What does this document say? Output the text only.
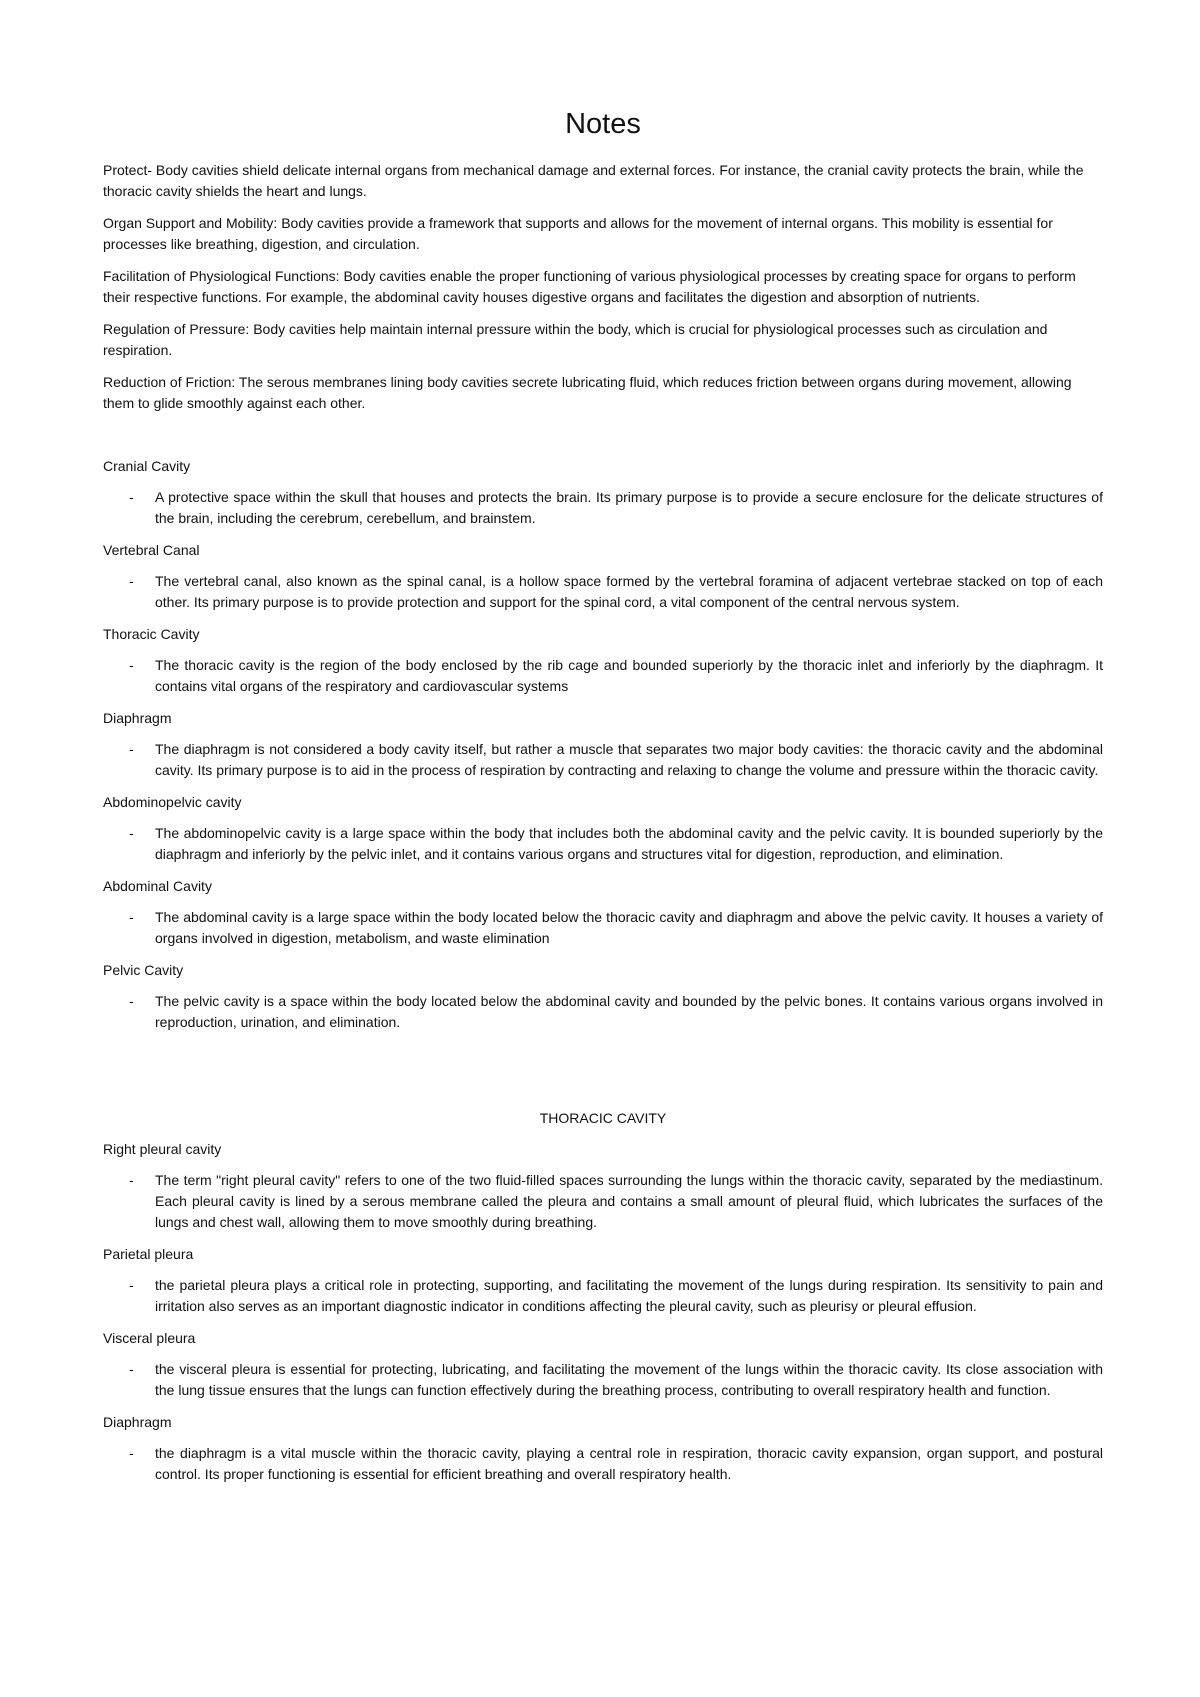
Notes

Protect- Body cavities shield delicate internal organs from mechanical damage and external forces. For instance, the cranial cavity protects the brain, while the thoracic cavity shields the heart and lungs.

Organ Support and Mobility: Body cavities provide a framework that supports and allows for the movement of internal organs. This mobility is essential for processes like breathing, digestion, and circulation.

Facilitation of Physiological Functions: Body cavities enable the proper functioning of various physiological processes by creating space for organs to perform their respective functions. For example, the abdominal cavity houses digestive organs and facilitates the digestion and absorption of nutrients.

Regulation of Pressure: Body cavities help maintain internal pressure within the body, which is crucial for physiological processes such as circulation and respiration.

Reduction of Friction: The serous membranes lining body cavities secrete lubricating fluid, which reduces friction between organs during movement, allowing them to glide smoothly against each other.

Cranial Cavity
- A protective space within the skull that houses and protects the brain. Its primary purpose is to provide a secure enclosure for the delicate structures of the brain, including the cerebrum, cerebellum, and brainstem.
Vertebral Canal
- The vertebral canal, also known as the spinal canal, is a hollow space formed by the vertebral foramina of adjacent vertebrae stacked on top of each other. Its primary purpose is to provide protection and support for the spinal cord, a vital component of the central nervous system.
Thoracic Cavity
- The thoracic cavity is the region of the body enclosed by the rib cage and bounded superiorly by the thoracic inlet and inferiorly by the diaphragm. It contains vital organs of the respiratory and cardiovascular systems
Diaphragm
- The diaphragm is not considered a body cavity itself, but rather a muscle that separates two major body cavities: the thoracic cavity and the abdominal cavity. Its primary purpose is to aid in the process of respiration by contracting and relaxing to change the volume and pressure within the thoracic cavity.
Abdominopelvic cavity
- The abdominopelvic cavity is a large space within the body that includes both the abdominal cavity and the pelvic cavity. It is bounded superiorly by the diaphragm and inferiorly by the pelvic inlet, and it contains various organs and structures vital for digestion, reproduction, and elimination.
Abdominal Cavity
- The abdominal cavity is a large space within the body located below the thoracic cavity and diaphragm and above the pelvic cavity. It houses a variety of organs involved in digestion, metabolism, and waste elimination
Pelvic Cavity
- The pelvic cavity is a space within the body located below the abdominal cavity and bounded by the pelvic bones. It contains various organs involved in reproduction, urination, and elimination.
THORACIC CAVITY
Right pleural cavity
- The term "right pleural cavity" refers to one of the two fluid-filled spaces surrounding the lungs within the thoracic cavity, separated by the mediastinum. Each pleural cavity is lined by a serous membrane called the pleura and contains a small amount of pleural fluid, which lubricates the surfaces of the lungs and chest wall, allowing them to move smoothly during breathing.
Parietal pleura
- the parietal pleura plays a critical role in protecting, supporting, and facilitating the movement of the lungs during respiration. Its sensitivity to pain and irritation also serves as an important diagnostic indicator in conditions affecting the pleural cavity, such as pleurisy or pleural effusion.
Visceral pleura
- the visceral pleura is essential for protecting, lubricating, and facilitating the movement of the lungs within the thoracic cavity. Its close association with the lung tissue ensures that the lungs can function effectively during the breathing process, contributing to overall respiratory health and function.
Diaphragm
- the diaphragm is a vital muscle within the thoracic cavity, playing a central role in respiration, thoracic cavity expansion, organ support, and postural control. Its proper functioning is essential for efficient breathing and overall respiratory health.
